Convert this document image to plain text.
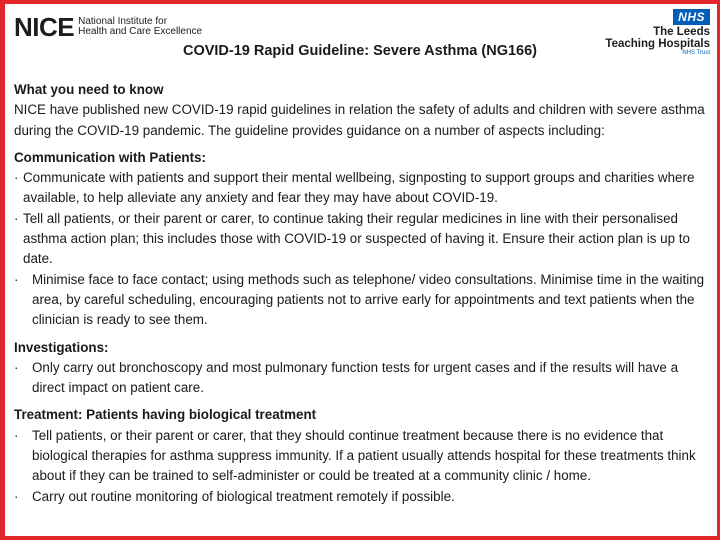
NICE National Institute for
Health and Care Excellence
NHS
The Leeds
Teaching Hospitals
NHS Trust
COVID-19 Rapid Guideline: Severe Asthma (NG166)

What you need to know

NICE have published new COVID-19 rapid guidelines in relation the safety of adults and children with severe asthma during the COVID-19 pandemic. The guideline provides guidance on a number of aspects including:

Communication with Patients:

· Communicate with patients and support their mental wellbeing, signposting to support groups and charities where available, to help alleviate any anxiety and fear they may have about COVID-19.
· Tell all patients, or their parent or carer, to continue taking their regular medicines in line with their personalised asthma action plan; this includes those with COVID-19 or suspected of having it. Ensure their action plan is up to date.
·	Minimise face to face contact; using methods such as telephone/ video consultations. Minimise time in the waiting area, by careful scheduling, encouraging patients not to arrive early for appointments and text patients when the clinician is ready to see them.

Investigations:

·	Only carry out bronchoscopy and most pulmonary function tests for urgent cases and if the results will have a direct impact on patient care.

Treatment: Patients having biological treatment

·	Tell patients, or their parent or carer, that they should continue treatment because there is no evidence that biological therapies for asthma suppress immunity. If a patient usually attends hospital for these treatments think about if they can be trained to self-administer or could be treated at a community clinic / home.
·	Carry out routine monitoring of biological treatment remotely if possible.
